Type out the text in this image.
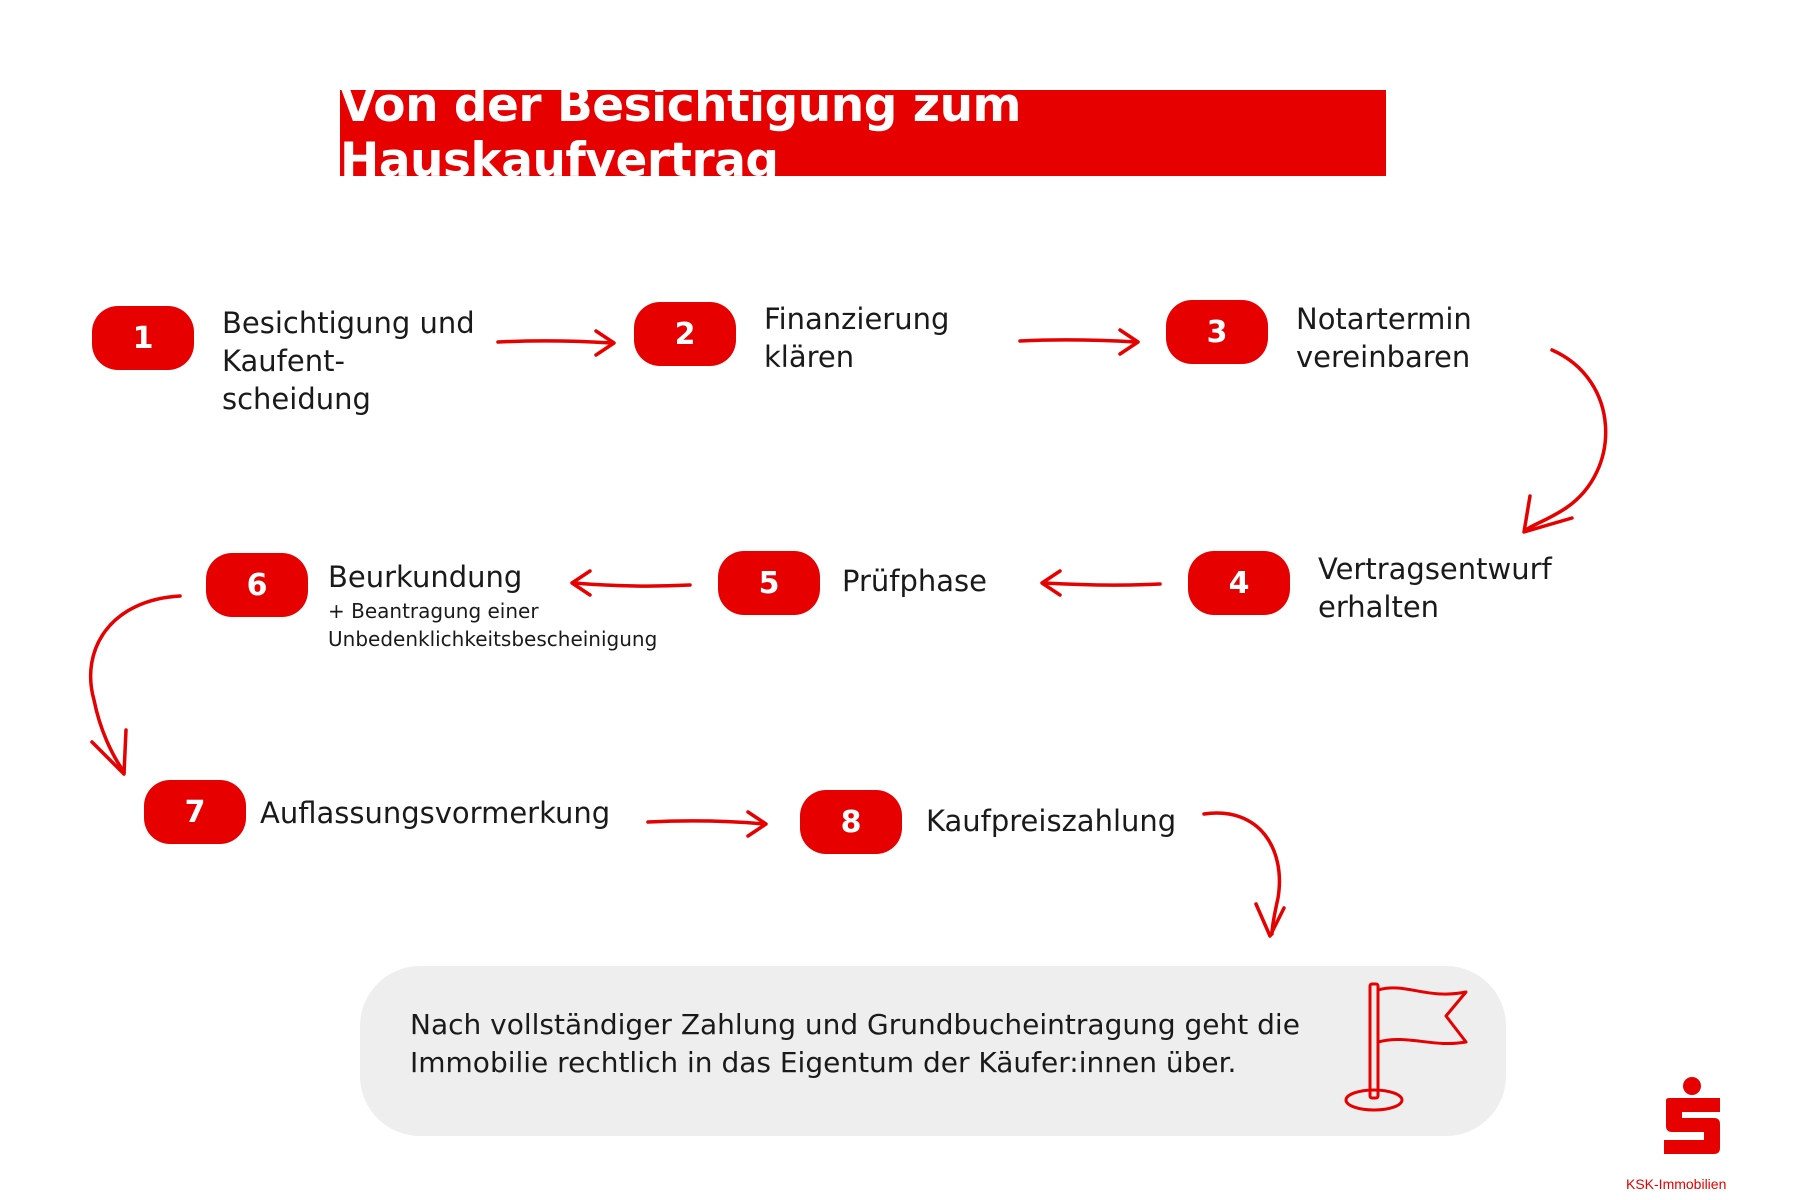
Von der Besichtigung zum Hauskaufvertrag
1 Besichtigung und
Kaufent-
scheidung
2 Finanzierung
klären
3 Notartermin
vereinbaren
4 Vertragsentwurf
erhalten
5 Prüfphase
6 Beurkundung
+ Beantragung einer
Unbedenklichkeitsbescheinigung
7 Auflassungsvormerkung	8 Kaufpreiszahlung
Nach vollständiger Zahlung und Grundbucheintragung geht die
Immobilie rechtlich in das Eigentum der Käufer:innen über.
KSK-Immobilien
